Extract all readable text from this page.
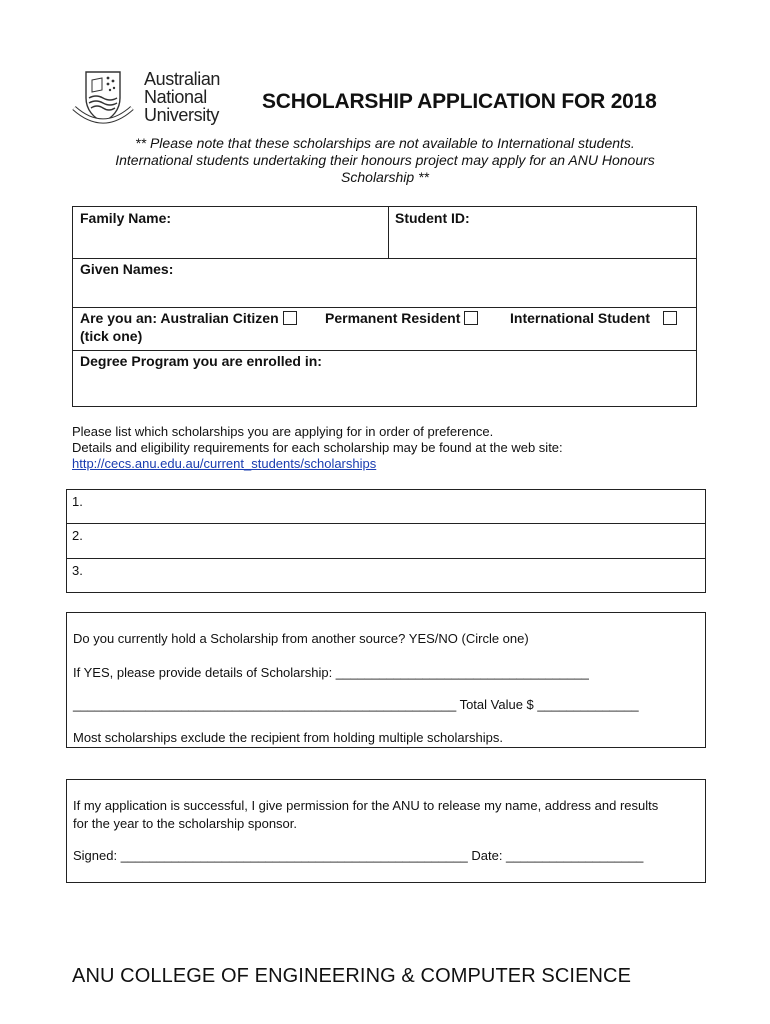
Australian
National
University
SCHOLARSHIP APPLICATION FOR 2018
** Please note that these scholarships are not available to International students.
International students undertaking their honours project may apply for an ANU Honours
Scholarship **
Family Name:	Student ID:
Given Names:
Are you an: Australian Citizen
(tick one)
Permanent Resident	International Student
Degree Program you are enrolled in:
Please list which scholarships you are applying for in order of preference.
Details and eligibility requirements for each scholarship may be found at the web site:
http://cecs.anu.edu.au/current_students/scholarships
1.
2.
3.
Do you currently hold a Scholarship from another source? YES/NO (Circle one)
If YES, please provide details of Scholarship: ___________________________________
_____________________________________________________ Total Value $ ______________
Most scholarships exclude the recipient from holding multiple scholarships.
If my application is successful, I give permission for the ANU to release my name, address and results
for the year to the scholarship sponsor.
Signed: ________________________________________________ Date: ___________________
ANU COLLEGE OF ENGINEERING & COMPUTER SCIENCE
